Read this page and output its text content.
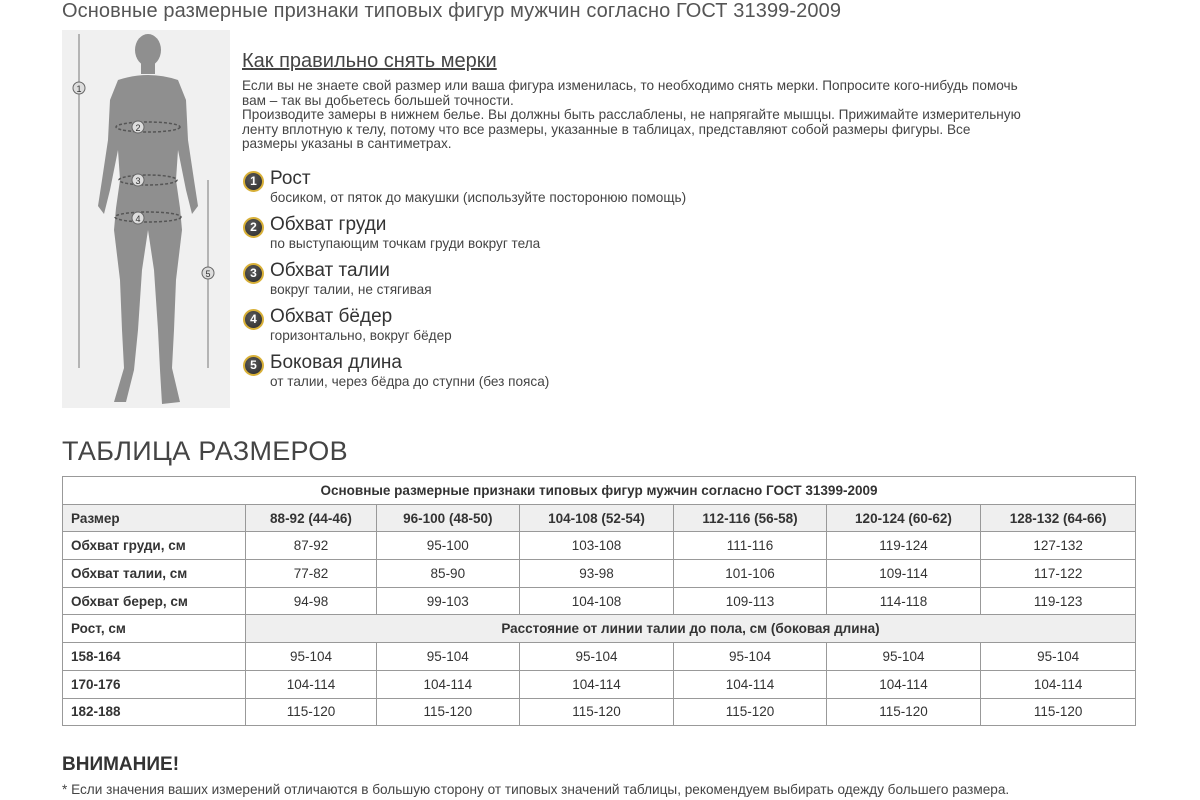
Основные размерные признаки типовых фигур мужчин согласно ГОСТ 31399-2009
1
2
3
4
5
Как правильно снять мерки
Если вы не знаете свой размер или ваша фигура изменилась, то необходимо снять мерки. Попросите кого-нибудь помочь
вам – так вы добьетесь большей точности.
Производите замеры в нижнем белье. Вы должны быть расслаблены, не напрягайте мышцы. Прижимайте измерительную
ленту вплотную к телу, потому что все размеры, указанные в таблицах, представляют собой размеры фигуры. Все
размеры указаны в сантиметрах.
1 Рост
босиком, от пяток до макушки (используйте посторонюю помощь)
2 Обхват груди
по выступающим точкам груди вокруг тела
3 Обхват талии
вокруг талии, не стягивая
4 Обхват бёдер
горизонтально, вокруг бёдер
5 Боковая длина
от талии, через бёдра до ступни (без пояса)
ТАБЛИЦА РАЗМЕРОВ
Основные размерные признаки типовых фигур мужчин согласно ГОСТ 31399-2009						
Размер	88-92 (44-46)	96-100 (48-50)	104-108 (52-54)	112-116 (56-58)	120-124 (60-62)	128-132 (64-66)
Обхват груди, см	87-92	95-100	103-108	111-116	119-124	127-132
Обхват талии, см	77-82	85-90	93-98	101-106	109-114	117-122
Обхват берер, см	94-98	99-103	104-108	109-113	114-118	119-123
Рост, см	Расстояние от линии талии до пола, см (боковая длина)					
158-164	95-104	95-104	95-104	95-104	95-104	95-104
170-176	104-114	104-114	104-114	104-114	104-114	104-114
182-188	115-120	115-120	115-120	115-120	115-120	115-120
ВНИМАНИЕ!
* Если значения ваших измерений отличаются в большую сторону от типовых значений таблицы, рекомендуем выбирать одежду большего размера.
